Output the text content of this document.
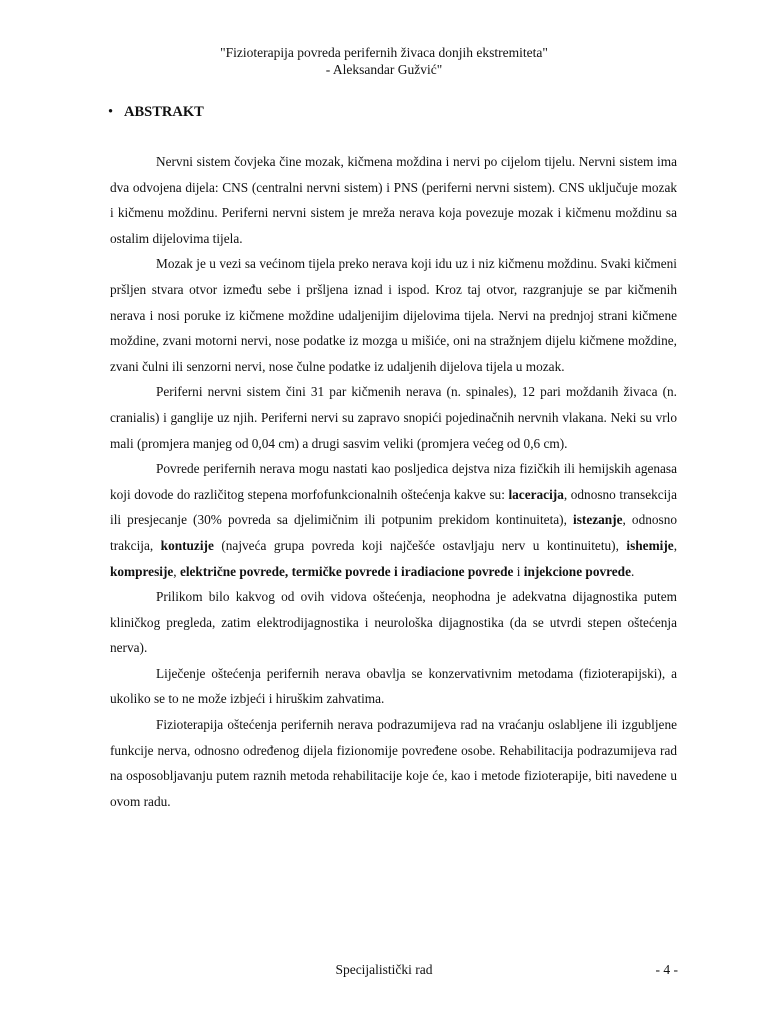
"Fizioterapija povreda perifernih živaca donjih ekstremiteta"
- Aleksandar Gužvić"
• ABSTRAKT

Nervni sistem čovjeka čine mozak, kičmena moždina i nervi po cijelom tijelu. Nervni sistem ima dva odvojena dijela: CNS (centralni nervni sistem) i PNS (periferni nervni sistem). CNS uključuje mozak i kičmenu moždinu. Periferni nervni sistem je mreža nerava koja povezuje mozak i kičmenu moždinu sa ostalim dijelovima tijela.

Mozak je u vezi sa većinom tijela preko nerava koji idu uz i niz kičmenu moždinu. Svaki kičmeni pršljen stvara otvor između sebe i pršljena iznad i ispod. Kroz taj otvor, razgranjuje se par kičmenih nerava i nosi poruke iz kičmene moždine udaljenijim dijelovima tijela. Nervi na prednjoj strani kičmene moždine, zvani motorni nervi, nose podatke iz mozga u mišiće, oni na stražnjem dijelu kičmene moždine, zvani čulni ili senzorni nervi, nose čulne podatke iz udaljenih dijelova tijela u mozak.

Periferni nervni sistem čini 31 par kičmenih nerava (n. spinales), 12 pari moždanih živaca (n. cranialis) i ganglije uz njih. Periferni nervi su zapravo snopići pojedinačnih nervnih vlakana. Neki su vrlo mali (promjera manjeg od 0,04 cm) a drugi sasvim veliki (promjera većeg od 0,6 cm).

Povrede perifernih nerava mogu nastati kao posljedica dejstva niza fizičkih ili hemijskih agenasa koji dovode do različitog stepena morfofunkcionalnih oštećenja kakve su: laceracija, odnosno transekcija ili presjecanje (30% povreda sa djelimičnim ili potpunim prekidom kontinuiteta), istezanje, odnosno trakcija, kontuzije (najveća grupa povreda koji najčešće ostavljaju nerv u kontinuitetu), ishemije, kompresije, električne povrede, termičke povrede i iradiacione povrede i injekcione povrede.

Prilikom bilo kakvog od ovih vidova oštećenja, neophodna je adekvatna dijagnostika putem kliničkog pregleda, zatim elektrodijagnostika i neurološka dijagnostika (da se utvrdi stepen oštećenja nerva).

Liječenje oštećenja perifernih nerava obavlja se konzervativnim metodama (fizioterapijski), a ukoliko se to ne može izbjeći i hiruškim zahvatima.

Fizioterapija oštećenja perifernih nerava podrazumijeva rad na vraćanju oslabljene ili izgubljene funkcije nerva, odnosno određenog dijela fizionomije povređene osobe. Rehabilitacija podrazumijeva rad na osposobljavanju putem raznih metoda rehabilitacije koje će, kao i metode fizioterapije, biti navedene u ovom radu.

Specijalistički rad	- 4 -
